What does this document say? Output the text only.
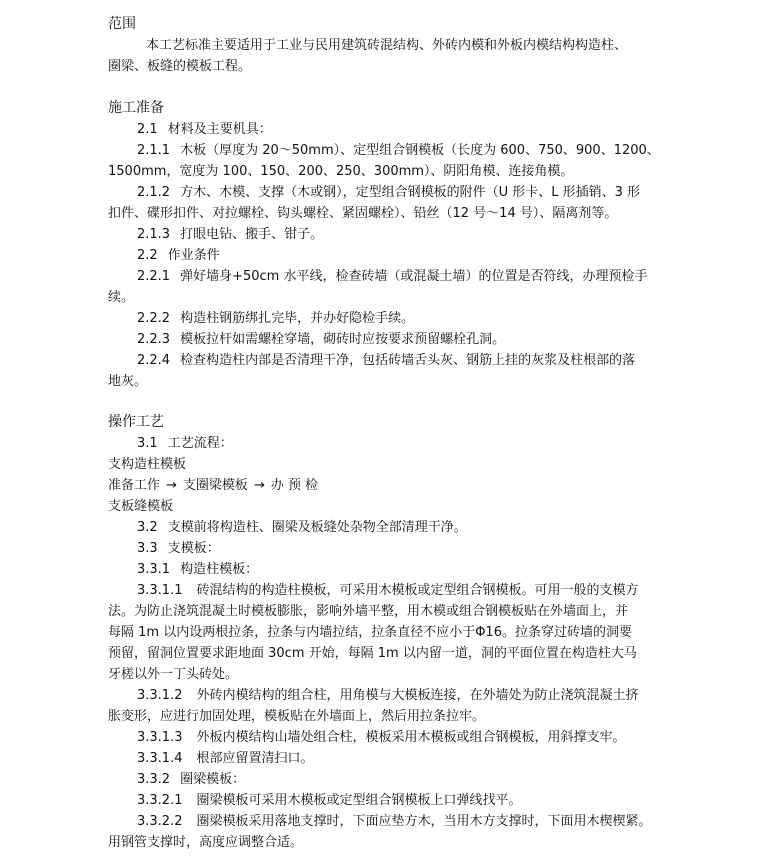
范围
本工艺标准主要适用于工业与民用建筑砖混结构、外砖内模和外板内模结构构造柱、
圈梁、板缝的模板工程。
施工准备
2.1 材料及主要机具：
2.1.1 木板（厚度为 20～50mm）、定型组合钢模板（长度为 600、750、900、1200、
1500mm，宽度为 100、150、200、250、300mm）、阴阳角模、连接角模。
2.1.2 方木、木模、支撑（木或钢），定型组合钢模板的附件（U 形卡、L 形插销、3 形
扣件、碟形扣件、对拉螺栓、钩头螺栓、紧固螺栓）、铅丝（12 号～14 号）、隔离剂等。
2.1.3 打眼电钻、搬手、钳子。
2.2 作业条件
2.2.1 弹好墙身+50cm 水平线，检查砖墙（或混凝土墙）的位置是否符线，办理预检手
续。
2.2.2 构造柱钢筋绑扎完毕，并办好隐检手续。
2.2.3 模板拉杆如需螺栓穿墙，砌砖时应按要求预留螺栓孔洞。
2.2.4 检查构造柱内部是否清理干净，包括砖墙舌头灰、钢筋上挂的灰浆及柱根部的落
地灰。
操作工艺
3.1 工艺流程：
支构造柱模板
准备工作 → 支圈梁模板 → 办 预 检
支板缝模板
3.2 支模前将构造柱、圈梁及板缝处杂物全部清理干净。
3.3 支模板：
3.3.1 构造柱模板：
3.3.1.1 砖混结构的构造柱模板，可采用木模板或定型组合钢模板。可用一般的支模方
法。为防止浇筑混凝土时模板膨胀，影响外墙平整，用木模或组合钢模板贴在外墙面上，并
每隔 1m 以内设两根拉条，拉条与内墙拉结，拉条直径不应小于Φ16。拉条穿过砖墙的洞要
预留，留洞位置要求距地面 30cm 开始，每隔 1m 以内留一道，洞的平面位置在构造柱大马
牙槎以外一丁头砖处。
3.3.1.2 外砖内模结构的组合柱，用角模与大模板连接，在外墙处为防止浇筑混凝土挤
胀变形，应进行加固处理，模板贴在外墙面上，然后用拉条拉牢。
3.3.1.3 外板内模结构山墙处组合柱，模板采用木模板或组合钢模板，用斜撑支牢。
3.3.1.4 根部应留置清扫口。
3.3.2 圈梁模板：
3.3.2.1 圈梁模板可采用木模板或定型组合钢模板上口弹线找平。
3.3.2.2 圈梁模板采用落地支撑时，下面应垫方木，当用木方支撑时，下面用木楔楔紧。
用钢管支撑时，高度应调整合适。
